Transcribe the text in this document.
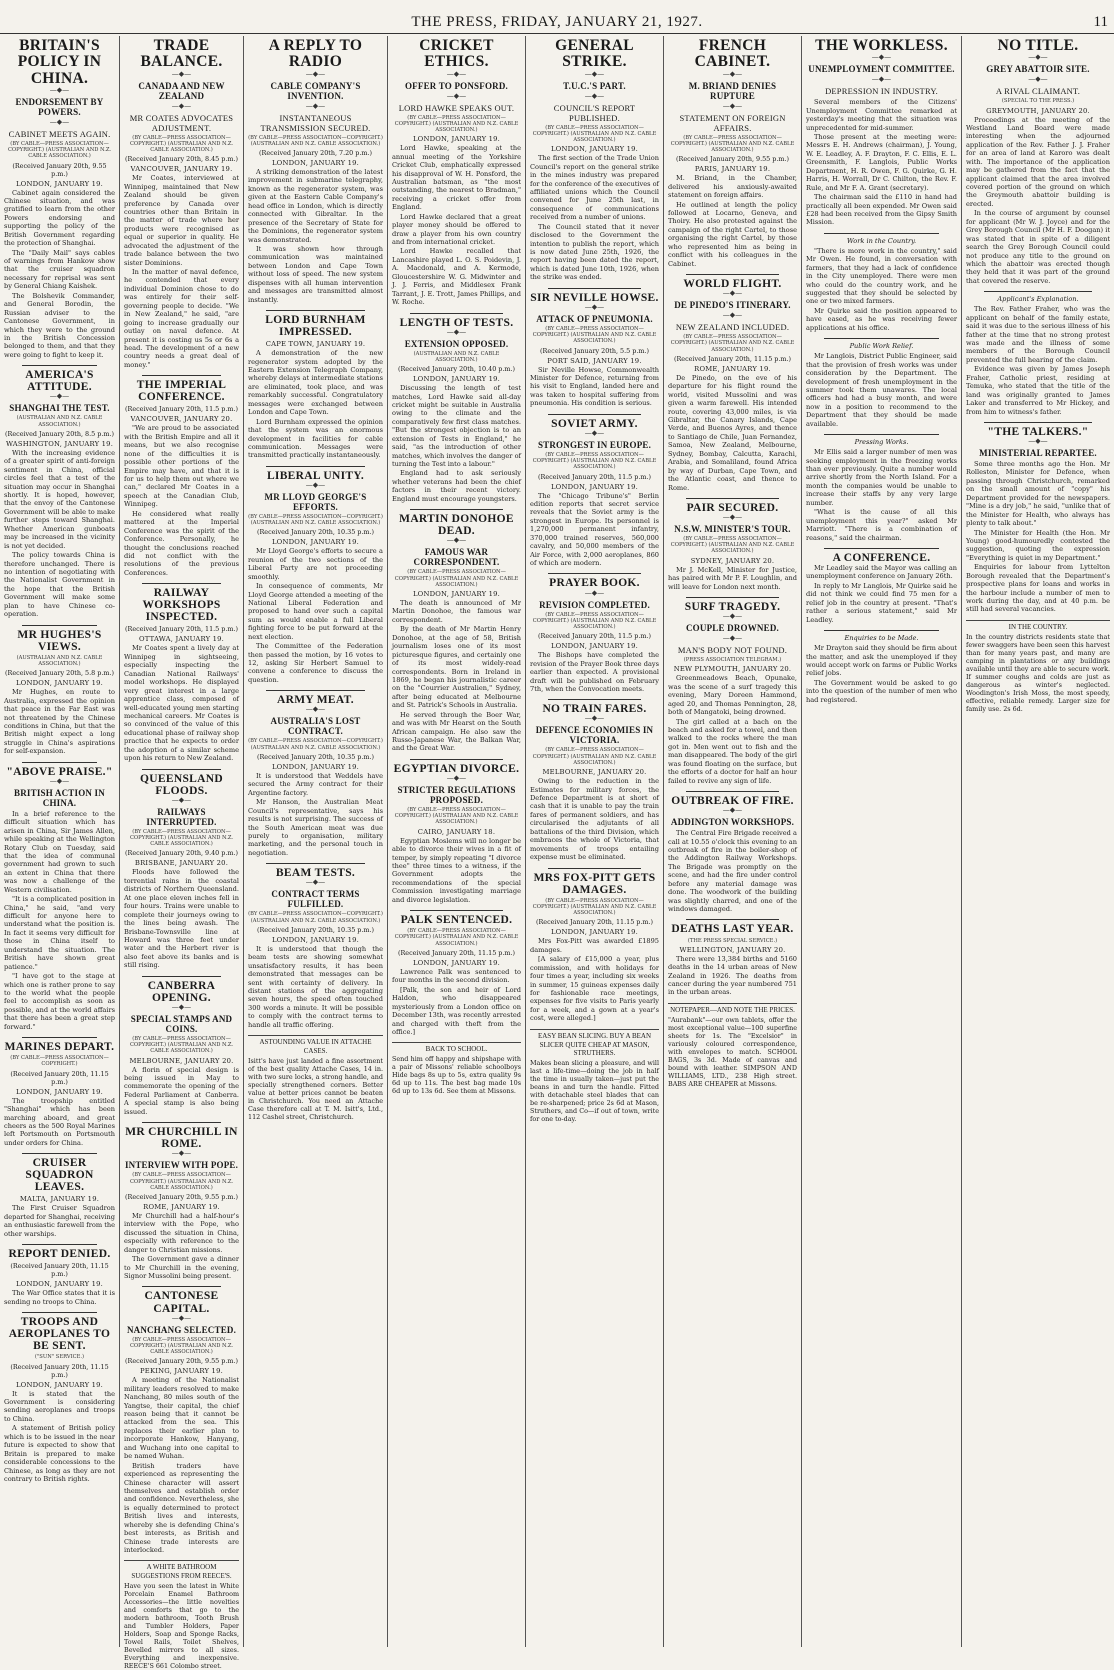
THE PRESS, FRIDAY, JANUARY 21, 1927.	11
BRITAIN'S POLICY IN CHINA.
—◆—
ENDORSEMENT BY POWERS.
—◆—
CABINET MEETS AGAIN.
(BY CABLE—PRESS ASSOCIATION—COPYRIGHT.) (AUSTRALIAN AND N.Z. CABLE ASSOCIATION.)
(Received January 20th, 9.55 p.m.)
LONDON, JANUARY 19.

Cabinet again considered the Chinese situation, and was gratified to learn from the other Powers endorsing and supporting the policy of the British Government regarding the protection of Shanghai.

The "Daily Mail" says cables of warnings from Hankow show that the cruiser squadron necessary for reprisal was sent by General Chiang Kaishek.

The Bolshevik Commander, and General Borodin, the Russian adviser to the Cantonese Government, in which they were to the ground in the British Concession belonged to them, and that they were going to fight to keep it.

AMERICA'S ATTITUDE.
—◆—
SHANGHAI THE TEST.
(AUSTRALIAN AND N.Z. CABLE ASSOCIATION.)
(Received January 20th, 8.5 p.m.)
WASHINGTON, JANUARY 19.

With the increasing evidence of a greater spirit of anti-foreign sentiment in China, official circles feel that a test of the situation may occur in Shanghai shortly. It is hoped, however, that the envoy of the Cantonese Government will be able to make further steps toward Shanghai. Whether American gunboats may be increased in the vicinity is not yet decided.

The policy towards China is therefore unchanged. There is no intention of negotiating with the Nationalist Government in the hope that the British Government will make some plan to have Chinese co-operation.

MR HUGHES'S VIEWS.
(AUSTRALIAN AND N.Z. CABLE ASSOCIATION.)
(Received January 20th, 5.8 p.m.)
LONDON, JANUARY 19.

Mr Hughes, en route to Australia, expressed the opinion that peace in the Far East was not threatened by the Chinese conditions in China, but that the British might expect a long struggle in China's aspirations for self-expansion.

"ABOVE PRAISE."
—◆—
BRITISH ACTION IN CHINA.

In a brief reference to the difficult situation which has arisen in China, Sir James Allen, while speaking at the Wellington Rotary Club on Tuesday, said that the idea of communal government had grown to such an extent in China that there was now a challenge of the Western civilisation.

"It is a complicated position in China," he said, "and very difficult for anyone here to understand what the position is. In fact it seems very difficult for those in China itself to understand the situation. The British have shown great patience."

"I have got to the stage at which one is rather prone to say to the world what the people feel to accomplish as soon as possible, and at the world affairs that there has been a great step forward."

MARINES DEPART.
(BY CABLE—PRESS ASSOCIATION—COPYRIGHT.)
(Received January 20th, 11.15 p.m.)
LONDON, JANUARY 19.

The troopship entitled "Shanghai" which has been marching aboard, and great cheers as the 500 Royal Marines left Portsmouth on Portsmouth under orders for China.

CRUISER SQUADRON LEAVES.
MALTA, JANUARY 19.

The First Cruiser Squadron departed for Shanghai, receiving an enthusiastic farewell from the other warships.

REPORT DENIED.
(Received January 20th, 11.15 p.m.)
LONDON, JANUARY 19.

The War Office states that it is sending no troops to China.

TROOPS AND AEROPLANES TO BE SENT.
("SUN" SERVICE.)
(Received January 20th, 11.15 p.m.)
LONDON, JANUARY 19.

It is stated that the Government is considering sending aeroplanes and troops to China.

A statement of British policy which is to be issued in the near future is expected to show that Britain is prepared to make considerable concessions to the Chinese, as long as they are not contrary to British rights.

TRADE BALANCE.
—◆—
CANADA AND NEW ZEALAND
—◆—
MR COATES ADVOCATES ADJUSTMENT.
(BY CABLE—PRESS ASSOCIATION—COPYRIGHT.) (AUSTRALIAN AND N.Z. CABLE ASSOCIATION.)
(Received January 20th, 8.45 p.m.)
VANCOUVER, JANUARY 19.

Mr Coates, interviewed at Winnipeg, maintained that New Zealand should be given preference by Canada over countries other than Britain in the matter of trade where her products were recognised as equal or superior in quality. He advocated the adjustment of the trade balance between the two sister Dominions.

In the matter of naval defence, he contended that every individual Dominion chose to do was entirely for their self-governing people to decide. "We in New Zealand," he said, "are going to increase gradually our outlay on naval defence. At present it is costing us 5s or 6s a head. The development of a new country needs a great deal of money."

THE IMPERIAL CONFERENCE.
(Received January 20th, 11.5 p.m.)
VANCOUVER, JANUARY 20.

"We are proud to be associated with the British Empire and all it means, but we also recognise none of the difficulties it is possible other portions of the Empire may have, and that it is for us to help them out where we can," declared Mr Coates in a speech at the Canadian Club, Winnipeg.

He considered what really mattered at the Imperial Conference was the spirit of the Conference. Personally, he thought the conclusions reached did not conflict with the resolutions of the previous Conferences.

RAILWAY WORKSHOPS INSPECTED.
(Received January 20th, 11.5 p.m.)
OTTAWA, JANUARY 19.

Mr Coates spent a lively day at Winnipeg in sightseeing, especially inspecting the Canadian National Railways' model workshops. He displayed very great interest in a large apprentice class, composed of well-educated young men starting mechanical careers. Mr Coates is so convinced of the value of this educational phase of railway shop practice that he expects to order the adoption of a similar scheme upon his return to New Zealand.

QUEENSLAND FLOODS.
—◆—
RAILWAYS INTERRUPTED.
(BY CABLE—PRESS ASSOCIATION—COPYRIGHT.) (AUSTRALIAN AND N.Z. CABLE ASSOCIATION.)
(Received January 20th, 9.40 p.m.)
BRISBANE, JANUARY 20.

Floods have followed the torrential rains in the coastal districts of Northern Queensland. At one place eleven inches fell in four hours. Trains were unable to complete their journeys owing to the lines being awash. The Brisbane-Townsville line at Howard was three feet under water and the Herbert river is also feet above its banks and is still rising.

CANBERRA OPENING.
—◆—
SPECIAL STAMPS AND COINS.
(BY CABLE—PRESS ASSOCIATION—COPYRIGHT.) (AUSTRALIAN AND N.Z. CABLE ASSOCIATION.)
MELBOURNE, JANUARY 20.

A florin of special design is being issued in May to commemorate the opening of the Federal Parliament at Canberra. A special stamp is also being issued.

MR CHURCHILL IN ROME.
—◆—
INTERVIEW WITH POPE.
(BY CABLE—PRESS ASSOCIATION—COPYRIGHT.) (AUSTRALIAN AND N.Z. CABLE ASSOCIATION.)
(Received January 20th, 9.55 p.m.)
ROME, JANUARY 19.

Mr Churchill had a half-hour's interview with the Pope, who discussed the situation in China, especially with reference to the danger to Christian missions.

The Government gave a dinner to Mr Churchill in the evening, Signor Mussolini being present.

CANTONESE CAPITAL.
—◆—
NANCHANG SELECTED.
(BY CABLE—PRESS ASSOCIATION—COPYRIGHT.) (AUSTRALIAN AND N.Z. CABLE ASSOCIATION.)
(Received January 20th, 9.55 p.m.)
PEKING, JANUARY 19.

A meeting of the Nationalist military leaders resolved to make Nanchang, 80 miles south of the Yangtse, their capital, the chief reason being that it cannot be attacked from the sea. This replaces their earlier plan to incorporate Hankow, Hanyang, and Wuchang into one capital to be named Wuhan.

British traders have experienced as representing the Chinese character will assert themselves and establish order and confidence. Nevertheless, she is equally determined to protect British lives and interests, whereby she is defending China's best interests, as British and Chinese trade interests are interlocked.

A WHITE BATHROOM SUGGESTIONS FROM REECE'S.
Have you seen the latest in White Porcelain Enamel Bathroom Accessories—the little novelties and comforts that go to the modern bathroom, Tooth Brush and Tumbler Holders, Paper Holders, Soap and Sponge Racks, Towel Rails, Toilet Shelves, Bevelled mirrors to all sizes. Everything and inexpensive. REECE'S 661 Colombo street.
A REPLY TO RADIO
—◆—
CABLE COMPANY'S INVENTION.
—◆—
INSTANTANEOUS TRANSMISSION SECURED.
(BY CABLE—PRESS ASSOCIATION—COPYRIGHT.) (AUSTRALIAN AND N.Z. CABLE ASSOCIATION.)
(Received January 20th, 7.20 p.m.)
LONDON, JANUARY 19.

A striking demonstration of the latest improvement in submarine telegraphy, known as the regenerator system, was given at the Eastern Cable Company's head office in London, which is directly connected with Gibraltar. In the presence of the Secretary of State for the Dominions, the regenerator system was demonstrated.

It was shown how through communication was maintained between London and Cape Town without loss of speed. The new system dispenses with all human intervention and messages are transmitted almost instantly.

LORD BURNHAM IMPRESSED.
CAPE TOWN, JANUARY 19.

A demonstration of the new regenerator system adopted by the Eastern Extension Telegraph Company, whereby delays at intermediate stations are eliminated, took place, and was remarkably successful. Congratulatory messages were exchanged between London and Cape Town.

Lord Burnham expressed the opinion that the system was an enormous development in facilities for cable communication. Messages were transmitted practically instantaneously.

LIBERAL UNITY.
—◆—
MR LLOYD GEORGE'S EFFORTS.
(BY CABLE—PRESS ASSOCIATION—COPYRIGHT.) (AUSTRALIAN AND N.Z. CABLE ASSOCIATION.)
(Received January 20th, 10.35 p.m.)
LONDON, JANUARY 19.

Mr Lloyd George's efforts to secure a reunion of the two sections of the Liberal Party are not proceeding smoothly.

In consequence of comments, Mr Lloyd George attended a meeting of the National Liberal Federation and proposed to hand over such a capital sum as would enable a full Liberal fighting force to be put forward at the next election.

The Committee of the Federation then passed the motion, by 16 votes to 12, asking Sir Herbert Samuel to convene a conference to discuss the question.

ARMY MEAT.
—◆—
AUSTRALIA'S LOST CONTRACT.
(BY CABLE—PRESS ASSOCIATION—COPYRIGHT.) (AUSTRALIAN AND N.Z. CABLE ASSOCIATION.)
(Received January 20th, 10.35 p.m.)
LONDON, JANUARY 19.

It is understood that Weddels have secured the Army contract for their Argentine factory.

Mr Hanson, the Australian Meat Council's representative, says his results is not surprising. The success of the South American meat was due purely to organisation, military marketing, and the personal touch in negotiation.

BEAM TESTS.
—◆—
CONTRACT TERMS FULFILLED.
(BY CABLE—PRESS ASSOCIATION—COPYRIGHT.) (AUSTRALIAN AND N.Z. CABLE ASSOCIATION.)
(Received January 20th, 10.35 p.m.)
LONDON, JANUARY 19.

It is understood that though the beam tests are showing somewhat unsatisfactory results, it has been demonstrated that messages can be sent with certainty of delivery. In distant stations of the aggregating seven hours, the speed often touched 300 words a minute. It will be possible to comply with the contract terms to handle all traffic offering.

ASTOUNDING VALUE IN ATTACHE CASES.
Isitt's have just landed a fine assortment of the best quality Attache Cases, 14 in. with two sure locks, a strong handle, and specially strengthened corners. Better value at better prices cannot be beaten in Christchurch. You need an Attache Case therefore call at T. M. Isitt's, Ltd., 112 Cashel street, Christchurch.
CRICKET ETHICS.
—◆—
OFFER TO PONSFORD.
—◆—
LORD HAWKE SPEAKS OUT.
(BY CABLE—PRESS ASSOCIATION—COPYRIGHT.) (AUSTRALIAN AND N.Z. CABLE ASSOCIATION.)
LONDON, JANUARY 19.

Lord Hawke, speaking at the annual meeting of the Yorkshire Cricket Club, emphatically expressed his disapproval of W. H. Ponsford, the Australian batsman, as "the most outstanding, the nearest to Bradman," receiving a cricket offer from England.

Lord Hawke declared that a great player money should be offered to draw a player from his own country and from international cricket.

Lord Hawke recalled that Lancashire played L. O. S. Poidevin, J. A. Macdonald, and A. Kermode, Gloucestershire W. G. Midwinter and J. J. Ferris, and Middlesex Frank Tarrant, J. E. Trott, James Phillips, and W. Roche.

LENGTH OF TESTS.
—◆—
EXTENSION OPPOSED.
(AUSTRALIAN AND N.Z. CABLE ASSOCIATION.)
(Received January 20th, 10.40 p.m.)
LONDON, JANUARY 19.

Discussing the length of test matches, Lord Hawke said all-day cricket might be suitable in Australia owing to the climate and the comparatively few first class matches. "But the strongest objection is to an extension of Tests in England," he said, "as the introduction of other matches, which involves the danger of turning the Test into a labour."

England had to ask seriously whether veterans had been the chief factors in their recent victory. England must encourage youngsters.

MARTIN DONOHOE DEAD.
—◆—
FAMOUS WAR CORRESPONDENT.
(BY CABLE—PRESS ASSOCIATION—COPYRIGHT.) (AUSTRALIAN AND N.Z. CABLE ASSOCIATION.)
LONDON, JANUARY 19.

The death is announced of Mr Martin Donohoe, the famous war correspondent.

By the death of Mr Martin Henry Donohoe, at the age of 58, British journalism loses one of its most picturesque figures, and certainly one of its most widely-read correspondents. Born in Ireland in 1869, he began his journalistic career on the "Courrier Australien," Sydney, after being educated at Melbourne and St. Patrick's Schools in Australia.

He served through the Boer War, and was with Mr Hearst on the South African campaign. He also saw the Russo-Japanese War, the Balkan War, and the Great War.

EGYPTIAN DIVORCE.
—◆—
STRICTER REGULATIONS PROPOSED.
(BY CABLE—PRESS ASSOCIATION—COPYRIGHT.) (AUSTRALIAN AND N.Z. CABLE ASSOCIATION.)
CAIRO, JANUARY 18.

Egyptian Moslems will no longer be able to divorce their wives in a fit of temper, by simply repeating "I divorce thee" three times to a witness, if the Government adopts the recommendations of the special Commission investigating marriage and divorce legislation.

PALK SENTENCED.
(BY CABLE—PRESS ASSOCIATION—COPYRIGHT.) (AUSTRALIAN AND N.Z. CABLE ASSOCIATION.)
(Received January 20th, 11.15 p.m.)
LONDON, JANUARY 19.

Lawrence Palk was sentenced to four months in the second division.

[Palk, the son and heir of Lord Haldon, who disappeared mysteriously from a London office on December 13th, was recently arrested and charged with theft from the office.]

BACK TO SCHOOL.
Send him off happy and shipshape with a pair of Missons' reliable schoolboys Hide bags 8s up to 5s, extra quality 9s 6d up to 11s. The best bag made 10s 6d up to 13s 6d. See them at Missons.
GENERAL STRIKE.
—◆—
T.U.C.'S PART.
—◆—
COUNCIL'S REPORT PUBLISHED.
(BY CABLE—PRESS ASSOCIATION—COPYRIGHT.) (AUSTRALIAN AND N.Z. CABLE ASSOCIATION.)
LONDON, JANUARY 19.

The first section of the Trade Union Council's report on the general strike in the mines industry was prepared for the conference of the executives of affiliated unions which the Council convened for June 25th last, in consequence of communications received from a number of unions.

The Council stated that it never disclosed to the Government the intention to publish the report, which is now dated June 25th, 1926, the report having been dated the report, which is dated June 10th, 1926, when the strike was ended.

SIR NEVILLE HOWSE.
—◆—
ATTACK OF PNEUMONIA.
(BY CABLE—PRESS ASSOCIATION—COPYRIGHT.) (AUSTRALIAN AND N.Z. CABLE ASSOCIATION.)
(Received January 20th, 5.5 p.m.)
PORT SAID, JANUARY 19.

Sir Neville Howse, Commonwealth Minister for Defence, returning from his visit to England, landed here and was taken to hospital suffering from pneumonia. His condition is serious.

SOVIET ARMY.
—◆—
STRONGEST IN EUROPE.
(BY CABLE—PRESS ASSOCIATION—COPYRIGHT.) (AUSTRALIAN AND N.Z. CABLE ASSOCIATION.)
(Received January 20th, 11.5 p.m.)
LONDON, JANUARY 19.

The "Chicago Tribune's" Berlin edition reports that secret service reveals that the Soviet army is the strongest in Europe. Its personnel is 1,270,000 permanent infantry, 370,000 trained reserves, 560,000 cavalry, and 50,000 members of the Air Force, with 2,000 aeroplanes, 860 of which are modern.

PRAYER BOOK.
—◆—
REVISION COMPLETED.
(BY CABLE—PRESS ASSOCIATION—COPYRIGHT.) (AUSTRALIAN AND N.Z. CABLE ASSOCIATION.)
(Received January 20th, 11.5 p.m.)
LONDON, JANUARY 19.

The Bishops have completed the revision of the Prayer Book three days earlier than expected. A provisional draft will be published on February 7th, when the Convocation meets.

NO TRAIN FARES.
—◆—
DEFENCE ECONOMIES IN VICTORIA.
(BY CABLE—PRESS ASSOCIATION—COPYRIGHT.) (AUSTRALIAN AND N.Z. CABLE ASSOCIATION.)
MELBOURNE, JANUARY 20.

Owing to the reduction in the Estimates for military forces, the Defence Department is at short of cash that it is unable to pay the train fares of permanent soldiers, and has circularised the adjutants of all battalions of the third Division, which embraces the whole of Victoria, that movements of troops entailing expense must be eliminated.

MRS FOX-PITT GETS DAMAGES.
(BY CABLE—PRESS ASSOCIATION—COPYRIGHT.) (AUSTRALIAN AND N.Z. CABLE ASSOCIATION.)
(Received January 20th, 11.15 p.m.)
LONDON, JANUARY 19.

Mrs Fox-Pitt was awarded £1895 damages.

[A salary of £15,000 a year, plus commission, and with holidays for four times a year, including six weeks in summer, 15 guineas expenses daily for fashionable race meetings, expenses for five visits to Paris yearly for a week, and a gown at a year's cost, were alleged.]

EASY BEAN SLICING. BUY A BEAN SLICER QUITE CHEAP AT MASON, STRUTHERS.
Makes bean slicing a pleasure, and will last a life-time—doing the job in half the time in usually taken—just put the beans in and turn the handle. Fitted with detachable steel blades that can be re-sharpened; price 2s 6d at Mason, Struthers, and Co—if out of town, write for one to-day.
FRENCH CABINET.
—◆—
M. BRIAND DENIES RUPTURE
—◆—
STATEMENT ON FOREIGN AFFAIRS.
(BY CABLE—PRESS ASSOCIATION—COPYRIGHT.) (AUSTRALIAN AND N.Z. CABLE ASSOCIATION.)
(Received January 20th, 9.55 p.m.)
PARIS, JANUARY 19.

M. Briand, in the Chamber, delivered his anxiously-awaited statement on foreign affairs.

He outlined at length the policy followed at Locarno, Geneva, and Thoiry. He also protested against the campaign of the right Cartel, to those organising the right Cartel, by those who represented him as being in conflict with his colleagues in the Cabinet.

WORLD FLIGHT.
—◆—
DE PINEDO'S ITINERARY.
—◆—
NEW ZEALAND INCLUDED.
(BY CABLE—PRESS ASSOCIATION—COPYRIGHT.) (AUSTRALIAN AND N.Z. CABLE ASSOCIATION.)
(Received January 20th, 11.15 p.m.)
ROME, JANUARY 19.

De Pinedo, on the eve of his departure for his flight round the world, visited Mussolini and was given a warm farewell. His intended route, covering 43,000 miles, is via Gibraltar, the Canary Islands, Cape Verde, and Buenos Ayres, and thence to Santiago de Chile, Juan Fernandez, Samoa, New Zealand, Melbourne, Sydney, Bombay, Calcutta, Karachi, Arabia, and Somaliland, found Africa by way of Durban, Cape Town, and the Atlantic coast, and thence to Rome.

PAIR SECURED.
—◆—
N.S.W. MINISTER'S TOUR.
(BY CABLE—PRESS ASSOCIATION—COPYRIGHT.) (AUSTRALIAN AND N.Z. CABLE ASSOCIATION.)
SYDNEY, JANUARY 20.

Mr J. McKell, Minister for Justice, has paired with Mr P. F. Loughlin, and will leave for London next month.

SURF TRAGEDY.
—◆—
COUPLE DROWNED.
—◆—
MAN'S BODY NOT FOUND.
(PRESS ASSOCIATION TELEGRAM.)
NEW PLYMOUTH, JANUARY 20.

Greenmeadows Beach, Opunake, was the scene of a surf tragedy this evening, Mary Doreen Hammond, aged 20, and Thomas Pennington, 28, both of Mangatoki, being drowned.

The girl called at a bach on the beach and asked for a towel, and then walked to the rocks where the man got in. Men went out to fish and the man disappeared. The body of the girl was found floating on the surface, but the efforts of a doctor for half an hour failed to revive any sign of life.

OUTBREAK OF FIRE.
—◆—
ADDINGTON WORKSHOPS.

The Central Fire Brigade received a call at 10.55 o'clock this evening to an outbreak of fire in the boiler-shop of the Addington Railway Workshops. The Brigade was promptly on the scene, and had the fire under control before any material damage was done. The woodwork of the building was slightly charred, and one of the windows damaged.

DEATHS LAST YEAR.
(THE PRESS SPECIAL SERVICE.)
WELLINGTON, JANUARY 20.

There were 13,384 births and 5160 deaths in the 14 urban areas of New Zealand in 1926. The deaths from cancer during the year numbered 751 in the urban areas.

NOTEPAPER—AND NOTE THE PRICES.
"Aurabank"—our own tablets, offer the most exceptional value—100 superfine sheets for 1s. The "Excelsior" in variously coloured correspondence, with envelopes to match. SCHOOL BAGS, 3s 3d. Made of canvas and bound with leather. SIMPSON AND WILLIAMS, LTD., 238 High street. BABS ARE CHEAPER at Missons.
THE WORKLESS.
—◆—
UNEMPLOYMENT COMMITTEE.
—◆—
DEPRESSION IN INDUSTRY.

Several members of the Citizens' Unemployment Committee remarked at yesterday's meeting that the situation was unprecedented for mid-summer.

Those present at the meeting were: Messrs E. H. Andrews (chairman), J. Young, W. E. Leadley, A. F. Drayton, F. C. Ellis, E. L. Greensmith, F. Langlois, Public Works Department, H. R. Owen, F. G. Quirke, G. H. Harris, H. Worrall, Dr C. Chilton, the Rev. F. Rule, and Mr F. A. Grant (secretary).

The chairman said the £110 in hand had practically all been expended. Mr Owen said £28 had been received from the Gipsy Smith Mission.

Work in the Country.

"There is more work in the country," said Mr Owen. He found, in conversation with farmers, that they had a lack of confidence in the City unemployed. There were men who could do the country work, and he suggested that they should be selected by one or two mixed farmers.

Mr Quirke said the position appeared to have eased, as he was receiving fewer applications at his office.

Public Work Relief.

Mr Langlois, District Public Engineer, said that the provision of fresh works was under consideration by the Department. The development of fresh unemployment in the summer took them unawares. The local officers had had a busy month, and were now in a position to recommend to the Department that they should be made available.

Pressing Works.

Mr Ellis said a larger number of men was seeking employment in the freezing works than ever previously. Quite a number would arrive shortly from the North Island. For a month the companies would be unable to increase their staffs by any very large number.

"What is the cause of all this unemployment this year?" asked Mr Marriott. "There is a combination of reasons," said the chairman.

A CONFERENCE.

Mr Leadley said the Mayor was calling an unemployment conference on January 26th.

In reply to Mr Langlois, Mr Quirke said he did not think we could find 75 men for a relief job in the country at present. "That's rather a serious statement," said Mr Leadley.

Enquiries to be Made.

Mr Drayton said they should be firm about the matter, and ask the unemployed if they would accept work on farms or Public Works relief jobs.

The Government would be asked to go into the question of the number of men who had registered.

NO TITLE.
—◆—
GREY ABATTOIR SITE.
—◆—
A RIVAL CLAIMANT.
(SPECIAL TO THE PRESS.)
GREYMOUTH, JANUARY 20.

Proceedings at the meeting of the Westland Land Board were made interesting when the adjourned application of the Rev. Father J. J. Fraher for an area of land at Karoro was dealt with. The importance of the application may be gathered from the fact that the applicant claimed that the area involved covered portion of the ground on which the Greymouth abattoir building is erected.

In the course of argument by counsel for applicant (Mr W. J. Joyce) and for the Grey Borough Council (Mr H. F. Doogan) it was stated that in spite of a diligent search the Grey Borough Council could not produce any title to the ground on which the abattoir was erected though they held that it was part of the ground that covered the reserve.

Applicant's Explanation.

The Rev. Father Fraher, who was the applicant on behalf of the family estate, said it was due to the serious illness of his father at the time that no strong protest was made and the illness of some members of the Borough Council prevented the full hearing of the claim.

Evidence was given by James Joseph Fraher, Catholic priest, residing at Temuka, who stated that the title of the land was originally granted to James Laker and transferred to Mr Hickey, and from him to witness's father.

"THE TALKERS."
—◆—
MINISTERIAL REPARTEE.

Some three months ago the Hon. Mr Rolleston, Minister for Defence, when passing through Christchurch, remarked on the small amount of "copy" his Department provided for the newspapers. "Mine is a dry job," he said, "unlike that of the Minister for Health, who always has plenty to talk about."

The Minister for Health (the Hon. Mr Young) good-humouredly contested the suggestion, quoting the expression "Everything is quiet in my Department."

Enquiries for labour from Lyttelton Borough revealed that the Department's prospective plans for loans and works in the harbour include a number of men to work during the day, and at 40 p.m. be still had several vacancies.

IN THE COUNTRY.
In the country districts residents state that fewer swaggers have been seen this harvest than for many years past, and many are camping in plantations or any buildings available until they are able to secure work. If summer coughs and colds are just as dangerous as winter's neglected. Woodington's Irish Moss, the most speedy, effective, reliable remedy. Larger size for family use. 2s 6d.
